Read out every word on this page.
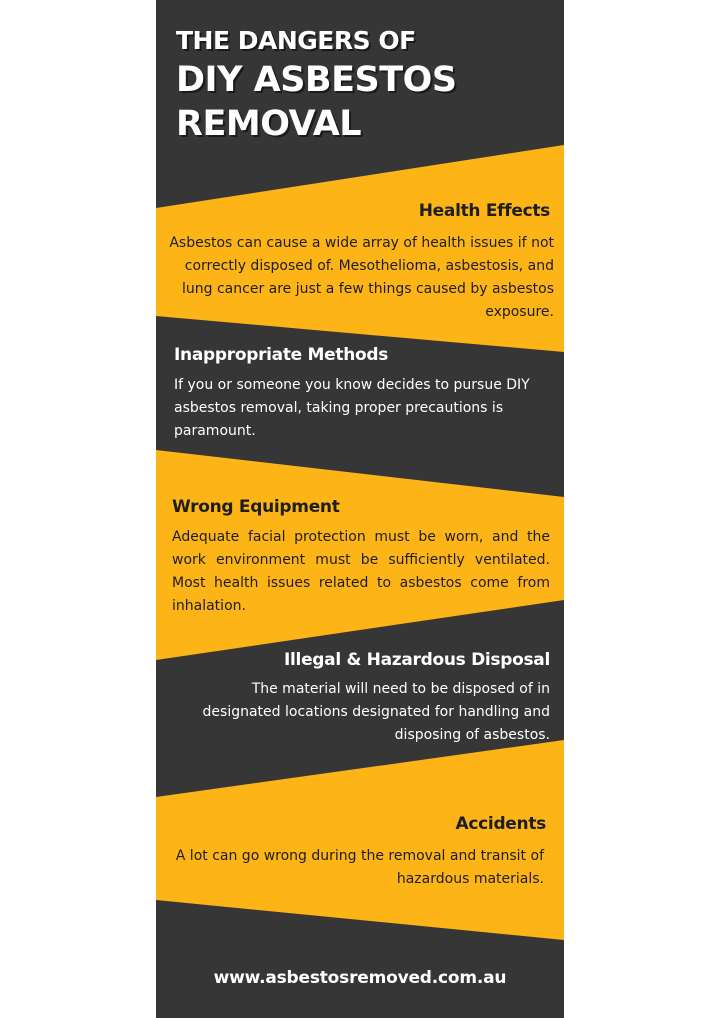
THE DANGERS OF
DIY ASBESTOS
REMOVAL
Health Effects

Asbestos can cause a wide array of health issues if not correctly disposed of. Mesothelioma, asbestosis, and lung cancer are just a few things caused by asbestos exposure.

Inappropriate Methods

If you or someone you know decides to pursue DIY asbestos removal, taking proper precautions is paramount.

Wrong Equipment

Adequate facial protection must be worn, and the work environment must be sufficiently ventilated. Most health issues related to asbestos come from inhalation.

Illegal & Hazardous Disposal

The material will need to be disposed of in designated locations designated for handling and disposing of asbestos.

Accidents

A lot can go wrong during the removal and transit of hazardous materials.

www.asbestosremoved.com.au
